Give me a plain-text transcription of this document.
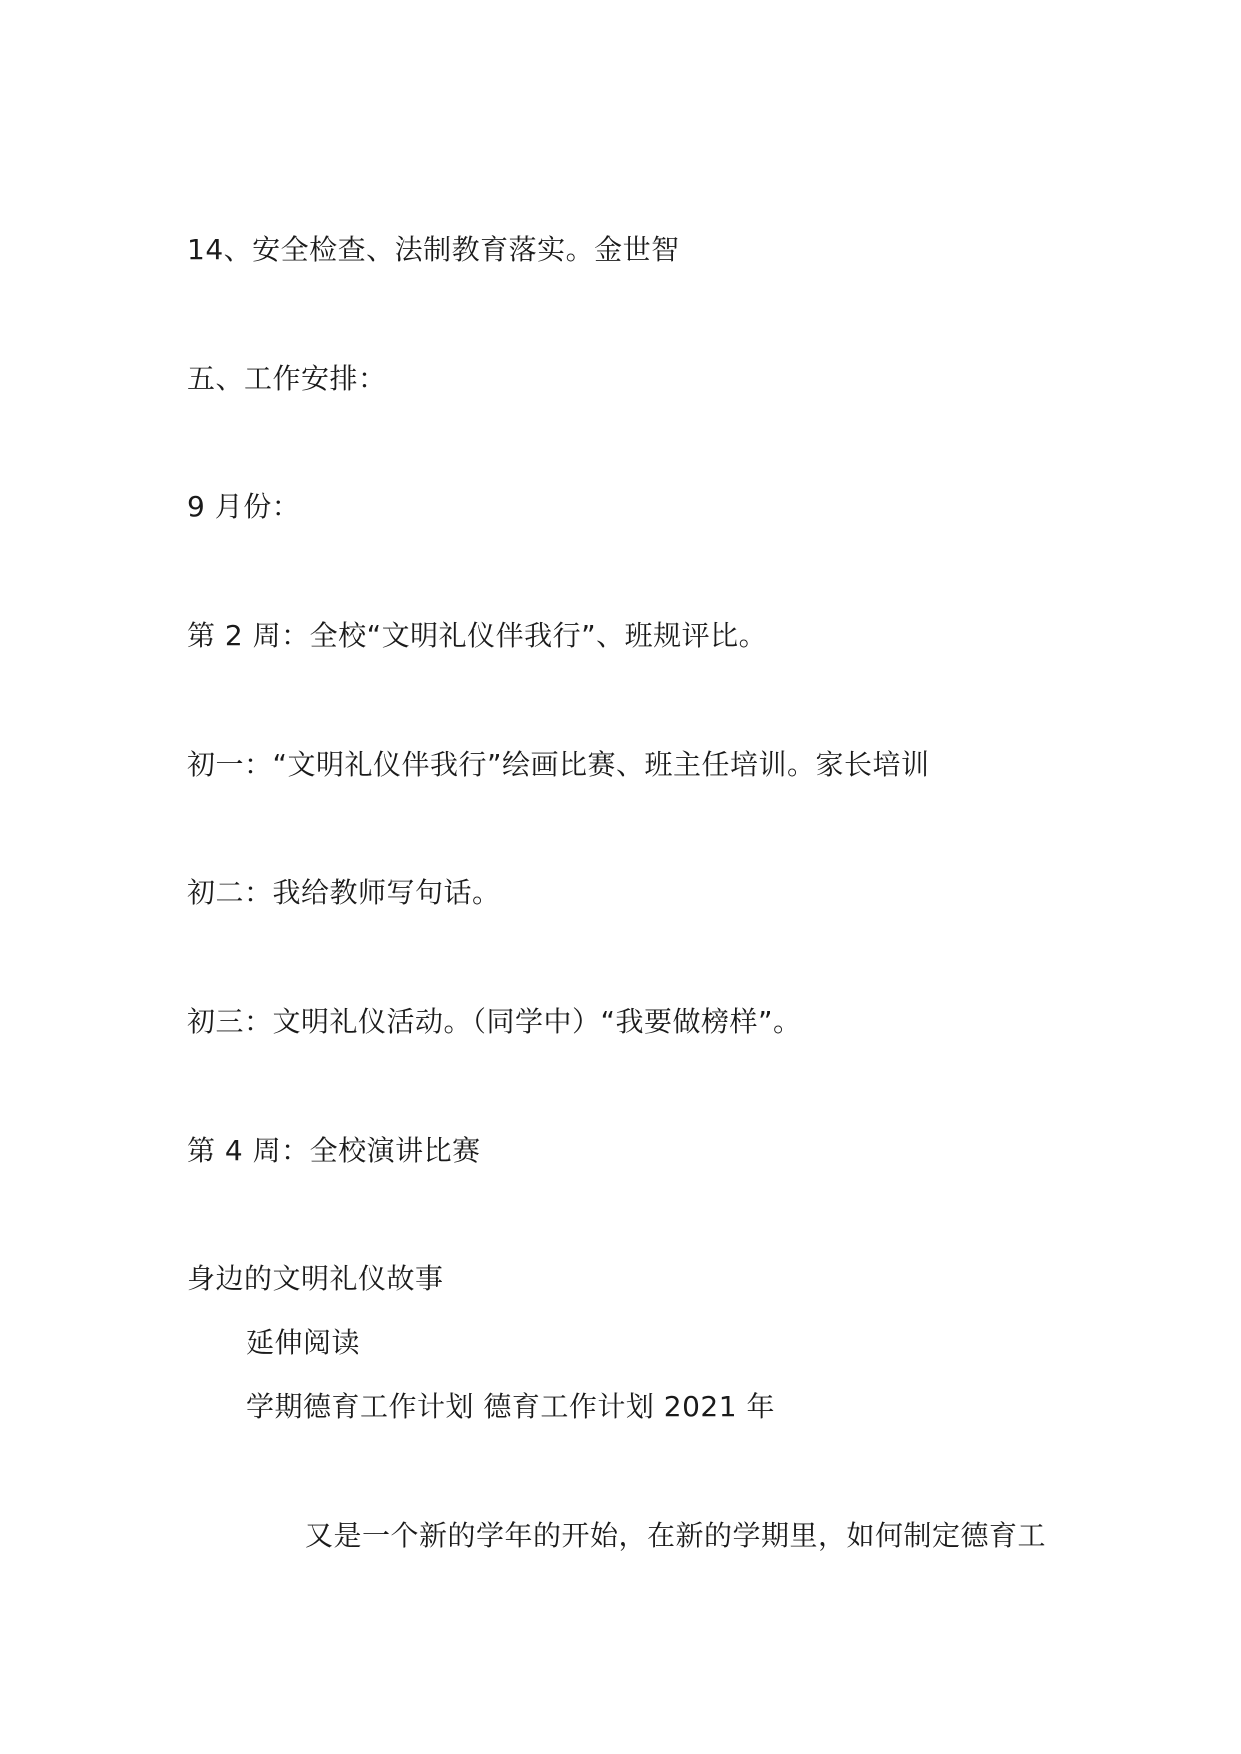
14、安全检查、法制教育落实。金世智
五、工作安排：
9 月份：
第 2 周：全校“文明礼仪伴我行”、班规评比。
初一：“文明礼仪伴我行”绘画比赛、班主任培训。家长培训
初二：我给教师写句话。
初三：文明礼仪活动。（同学中）“我要做榜样”。
第 4 周：全校演讲比赛
身边的文明礼仪故事
延伸阅读
学期德育工作计划 德育工作计划 2021 年
又是一个新的学年的开始，在新的学期里，如何制定德育工
